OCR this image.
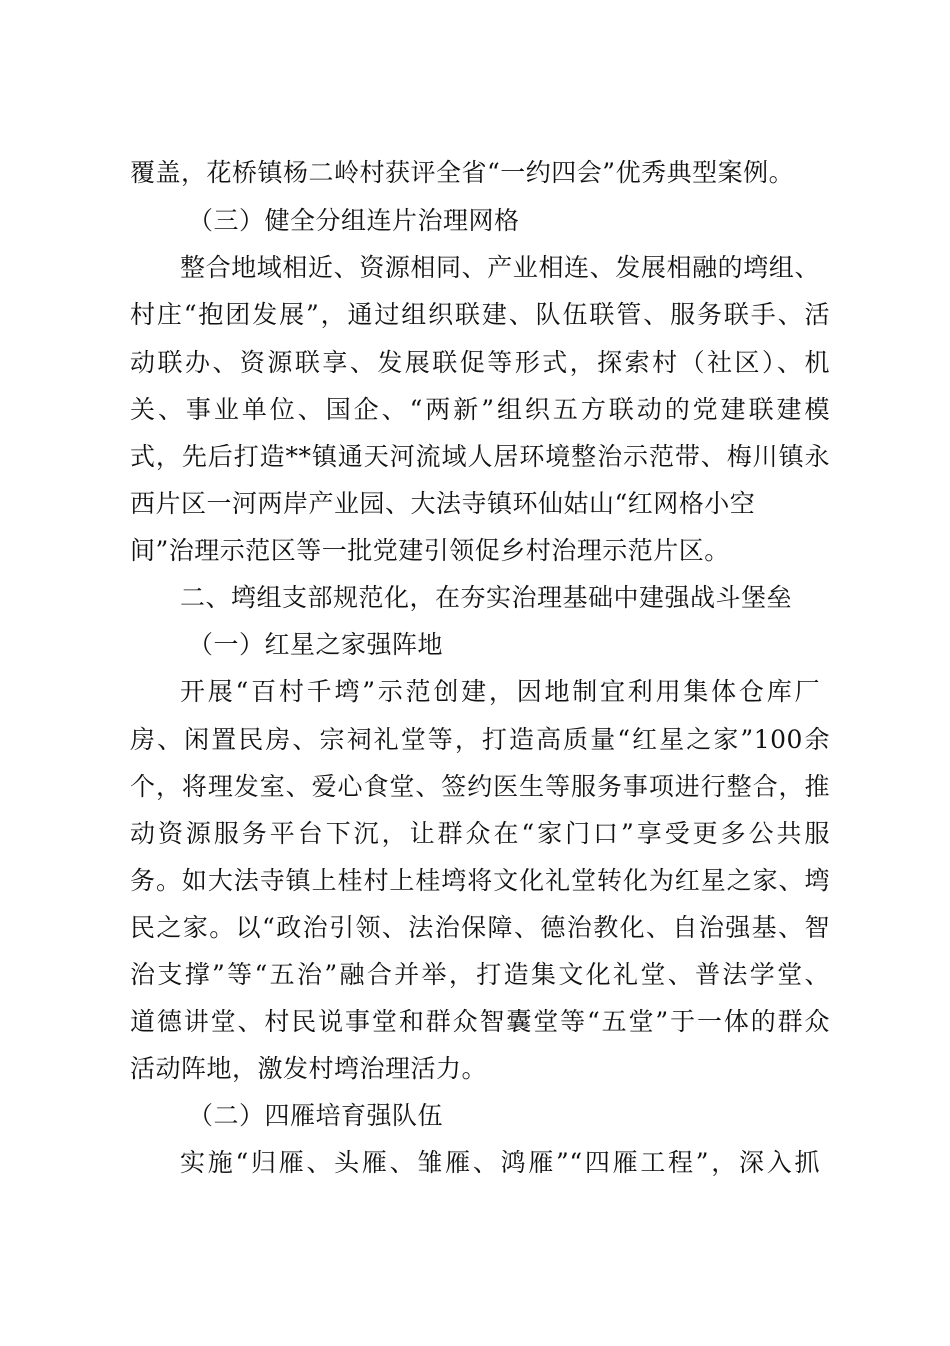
覆盖，花桥镇杨二岭村获评全省“一约四会”优秀典型案例。
（三）健全分组连片治理网格
整合地域相近、资源相同、产业相连、发展相融的塆组、
村庄“抱团发展”，通过组织联建、队伍联管、服务联手、活
动联办、资源联享、发展联促等形式，探索村（社区）、机
关、事业单位、国企、“两新”组织五方联动的党建联建模
式，先后打造**镇通天河流域人居环境整治示范带、梅川镇永
西片区一河两岸产业园、大法寺镇环仙姑山“红网格小空
间”治理示范区等一批党建引领促乡村治理示范片区。
二、塆组支部规范化，在夯实治理基础中建强战斗堡垒
（一）红星之家强阵地
开展“百村千塆”示范创建，因地制宜利用集体仓库厂
房、闲置民房、宗祠礼堂等，打造高质量“红星之家”100余
个，将理发室、爱心食堂、签约医生等服务事项进行整合，推
动资源服务平台下沉，让群众在“家门口”享受更多公共服
务。如大法寺镇上桂村上桂塆将文化礼堂转化为红星之家、塆
民之家。以“政治引领、法治保障、德治教化、自治强基、智
治支撑”等“五治”融合并举，打造集文化礼堂、普法学堂、
道德讲堂、村民说事堂和群众智囊堂等“五堂”于一体的群众
活动阵地，激发村塆治理活力。
（二）四雁培育强队伍
实施“归雁、头雁、雏雁、鸿雁”“四雁工程”，深入抓
